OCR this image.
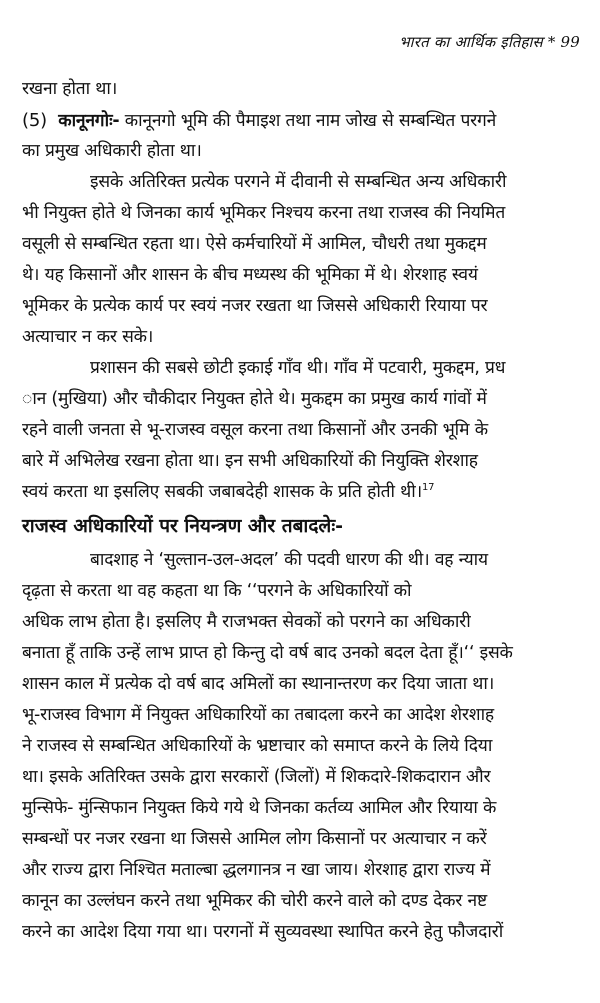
भारत का आर्थिक इतिहास * 99
रखना होता था।
(5) कानूनगोः- कानूनगो भूमि की पैमाइश तथा नाम जोख से सम्बन्धित परगने
का प्रमुख अधिकारी होता था।
इसके अतिरिक्त प्रत्येक परगने में दीवानी से सम्बन्धित अन्य अधिकारी
भी नियुक्त होते थे जिनका कार्य भूमिकर निश्चय करना तथा राजस्व की नियमित
वसूली से सम्बन्धित रहता था। ऐसे कर्मचारियों में आमिल, चौधरी तथा मुकद्दम
थे। यह किसानों और शासन के बीच मध्यस्थ की भूमिका में थे। शेरशाह स्वयं
भूमिकर के प्रत्येक कार्य पर स्वयं नजर रखता था जिससे अधिकारी रियाया पर
अत्याचार न कर सके।
प्रशासन की सबसे छोटी इकाई गाँव थी। गाँव में पटवारी, मुकद्दम, प्रध
ान (मुखिया) और चौकीदार नियुक्त होते थे। मुकद्दम का प्रमुख कार्य गांवों में
रहने वाली जनता से भू-राजस्व वसूल करना तथा किसानों और उनकी भूमि के
बारे में अभिलेख रखना होता था। इन सभी अधिकारियों की नियुक्ति शेरशाह
स्वयं करता था इसलिए सबकी जबाबदेही शासक के प्रति होती थी।$^{17}$
राजस्व अधिकारियों पर नियन्त्रण और तबादलेः-
बादशाह ने ‘सुल्तान-उल-अदल’ की पदवी धारण की थी। वह न्याय
दृढ़ता से करता था वह कहता था कि ‘‘परगने के अधिकारियों को
अधिक लाभ होता है। इसलिए मै राजभक्त सेवकों को परगने का अधिकारी
बनाता हूँ ताकि उन्हें लाभ प्राप्त हो किन्तु दो वर्ष बाद उनको बदल देता हूँ।‘‘ इसके
शासन काल में प्रत्येक दो वर्ष बाद अमिलों का स्थानान्तरण कर दिया जाता था।
भू-राजस्व विभाग में नियुक्त अधिकारियों का तबादला करने का आदेश शेरशाह
ने राजस्व से सम्बन्धित अधिकारियों के भ्रष्टाचार को समाप्त करने के लिये दिया
था। इसके अतिरिक्त उसके द्वारा सरकारों (जिलों) में शिकदारे-शिकदारान और
मुन्सिफे- मुंन्सिफान नियुक्त किये गये थे जिनका कर्तव्य आमिल और रियाया के
सम्बन्धों पर नजर रखना था जिससे आमिल लोग किसानों पर अत्याचार न करें
और राज्य द्वारा निश्चित मताल्बा द्धलगानत्र न खा जाय। शेरशाह द्वारा राज्य में
कानून का उल्लंघन करने तथा भूमिकर की चोरी करने वाले को दण्ड देकर नष्ट
करने का आदेश दिया गया था। परगनों में सुव्यवस्था स्थापित करने हेतु फौजदारों
